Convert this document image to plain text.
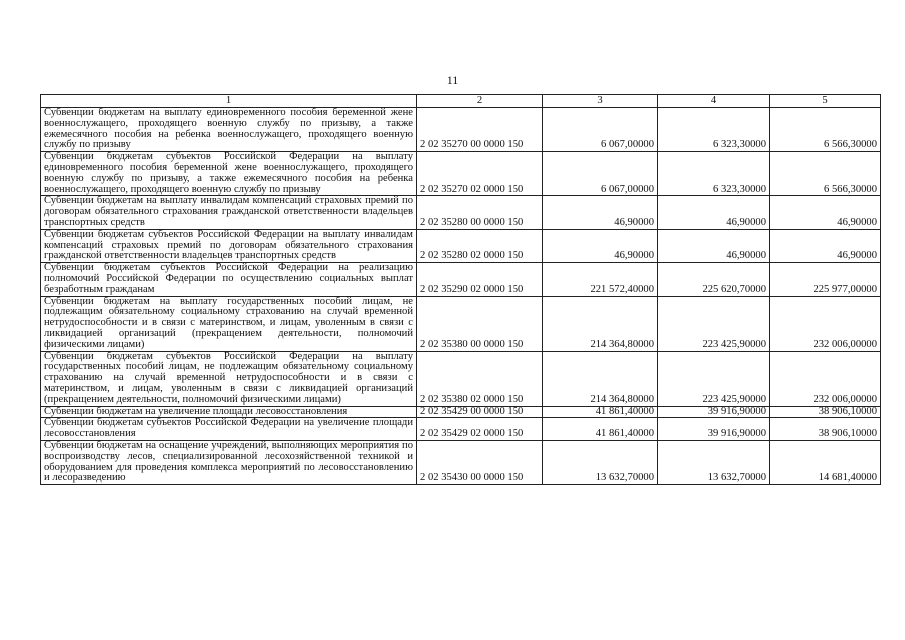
11
1	2	3	4	5
Субвенции бюджетам на выплату единовременного пособия беременной жене военнослужащего, проходящего военную службу по призыву, а также ежемесячного пособия на ребенка военнослужащего, проходящего военную службу по призыву	2 02 35270 00 0000 150	6 067,00000	6 323,30000	6 566,30000
Субвенции бюджетам субъектов Российской Федерации на выплату единовременного пособия беременной жене военнослужащего, проходящего военную службу по призыву, а также ежемесячного пособия на ребенка военнослужащего, проходящего военную службу по призыву	2 02 35270 02 0000 150	6 067,00000	6 323,30000	6 566,30000
Субвенции бюджетам на выплату инвалидам компенсаций страховых премий по договорам обязательного страхования гражданской ответственности владельцев транспортных средств	2 02 35280 00 0000 150	46,90000	46,90000	46,90000
Субвенции бюджетам субъектов Российской Федерации на выплату инвалидам компенсаций страховых премий по договорам обязательного страхования гражданской ответственности владельцев транспортных средств	2 02 35280 02 0000 150	46,90000	46,90000	46,90000
Субвенции бюджетам субъектов Российской Федерации на реализацию полномочий Российской Федерации по осуществлению социальных выплат безработным гражданам	2 02 35290 02 0000 150	221 572,40000	225 620,70000	225 977,00000
Субвенции бюджетам на выплату государственных пособий лицам, не подлежащим обязательному социальному страхованию на случай временной нетрудоспособности и в связи с материнством, и лицам, уволенным в связи с ликвидацией организаций (прекращением деятельности, полномочий физическими лицами)	2 02 35380 00 0000 150	214 364,80000	223 425,90000	232 006,00000
Субвенции бюджетам субъектов Российской Федерации на выплату государственных пособий лицам, не подлежащим обязательному социальному страхованию на случай временной нетрудоспособности и в связи с материнством, и лицам, уволенным в связи с ликвидацией организаций (прекращением деятельности, полномочий физическими лицами)	2 02 35380 02 0000 150	214 364,80000	223 425,90000	232 006,00000
Субвенции бюджетам на увеличение площади лесовосстановления	2 02 35429 00 0000 150	41 861,40000	39 916,90000	38 906,10000
Субвенции бюджетам субъектов Российской Федерации на увеличение площади лесовосстановления	2 02 35429 02 0000 150	41 861,40000	39 916,90000	38 906,10000
Субвенции бюджетам на оснащение учреждений, выполняющих мероприятия по воспроизводству лесов, специализированной лесохозяйственной техникой и оборудованием для проведения комплекса мероприятий по лесовосстановлению и лесоразведению	2 02 35430 00 0000 150	13 632,70000	13 632,70000	14 681,40000
